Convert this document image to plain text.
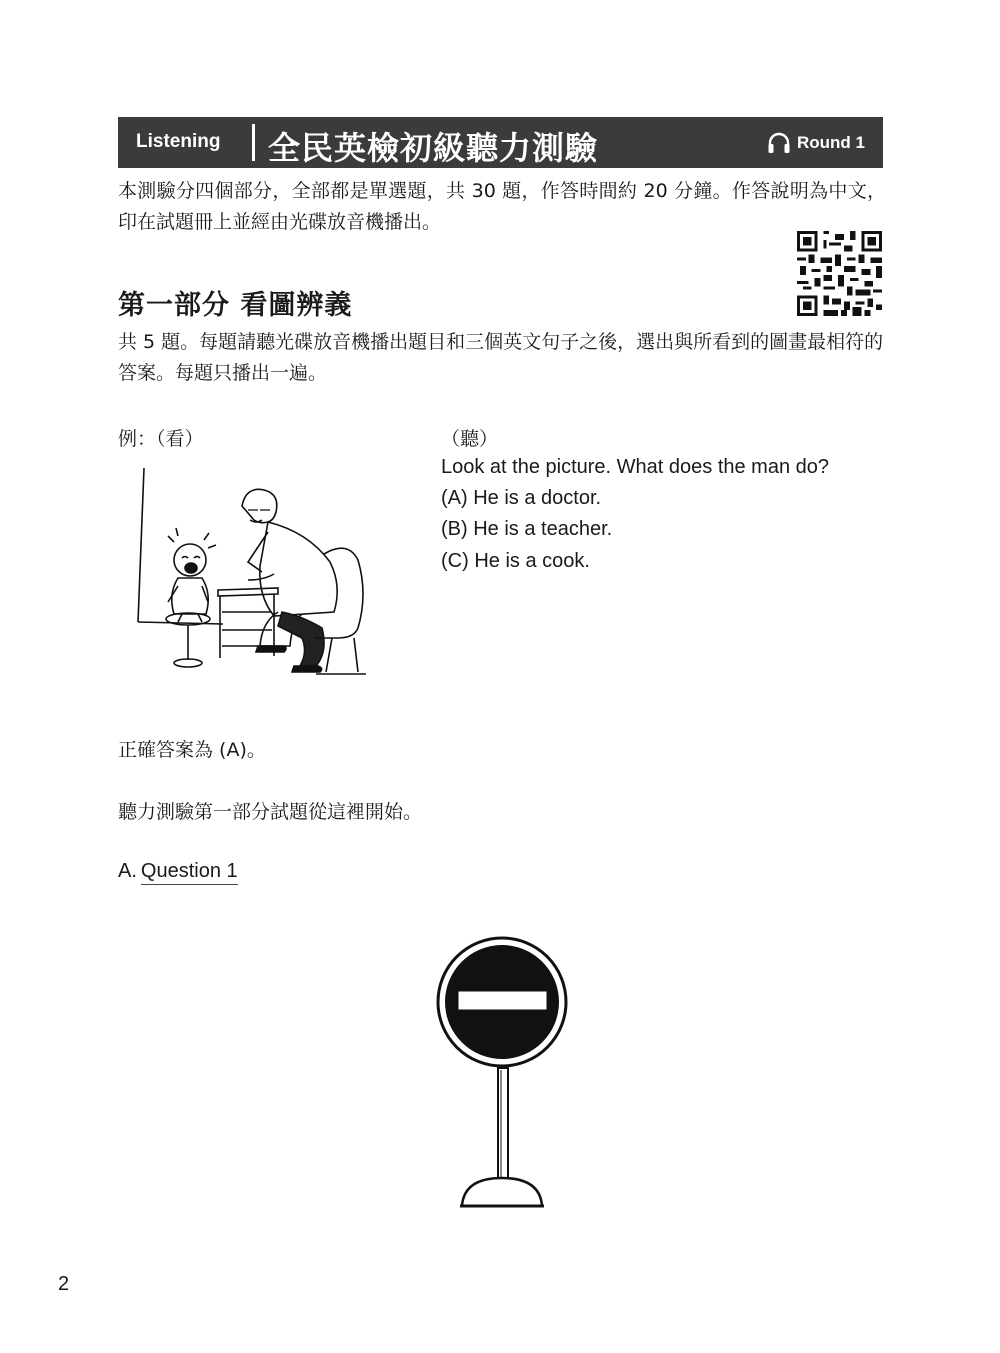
Listening 全民英檢初級聽力測驗	Round 1
本測驗分四個部分，全部都是單選題，共 30 題，作答時間約 20 分鐘。作答說明為中文，印在試題冊上並經由光碟放音機播出。
第一部分 看圖辨義
共 5 題。每題請聽光碟放音機播出題目和三個英文句子之後，選出與所看到的圖畫最相符的答案。每題只播出一遍。
例：（看）	（聽）
Look at the picture. What does the man do?
(A) He is a doctor.
(B) He is a teacher.
(C) He is a cook.
正確答案為 (A)。
聽力測驗第一部分試題從這裡開始。
A. Question 1
2
